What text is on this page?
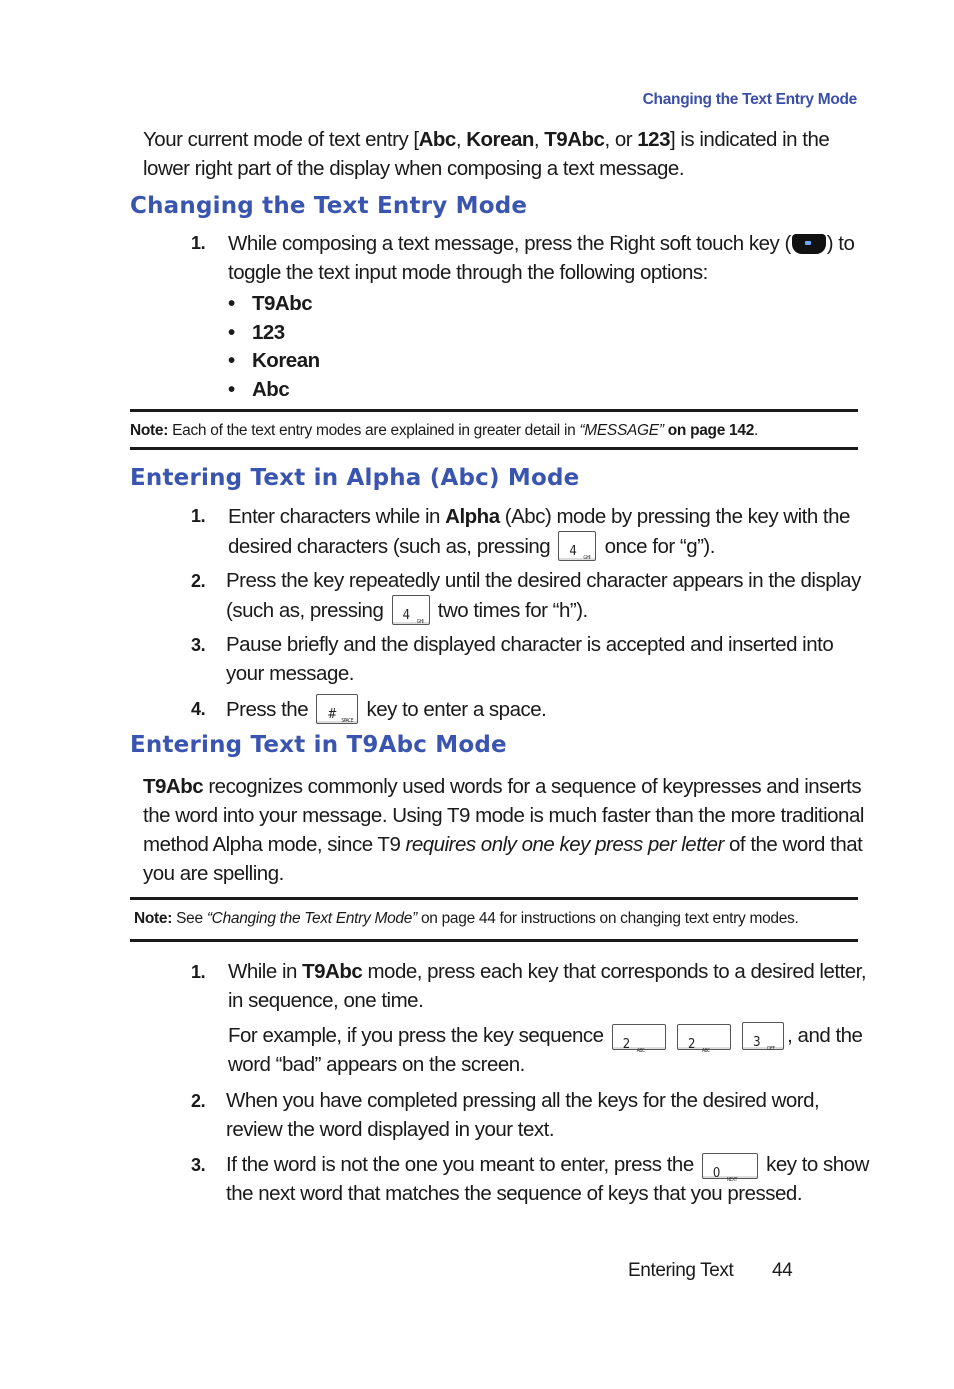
Changing the Text Entry Mode
Your current mode of text entry [Abc, Korean, T9Abc, or 123] is indicated in the
lower right part of the display when composing a text message.
Changing the Text Entry Mode
1. While composing a text message, press the Right soft touch key ( ) to
toggle the text input mode through the following options:
• T9Abc
• 123
• Korean
• Abc
Note: Each of the text entry modes are explained in greater detail in “MESSAGE” on page 142.
Entering Text in Alpha (Abc) Mode
1. Enter characters while in Alpha (Abc) mode by pressing the key with the
desired characters (such as, pressing 4 GHI once for “g”).
2. Press the key repeatedly until the desired character appears in the display
(such as, pressing 4 GHI two times for “h”).
3. Pause briefly and the displayed character is accepted and inserted into
your message.
4. Press the # SPACE key to enter a space.
Entering Text in T9Abc Mode
T9Abc recognizes commonly used words for a sequence of keypresses and inserts
the word into your message. Using T9 mode is much faster than the more traditional
method Alpha mode, since T9 requires only one key press per letter of the word that
you are spelling.
Note: See “Changing the Text Entry Mode” on page 44 for instructions on changing text entry modes.
1. While in T9Abc mode, press each key that corresponds to a desired letter,
in sequence, one time.
For example, if you press the key sequence 2 ABC
	2 ABC

3 DEF
, and the
word “bad” appears on the screen.
2. When you have completed pressing all the keys for the desired word,
review the word displayed in your text.
3. If the word is not the one you meant to enter, press the 0 NEXT
key to show
the next word that matches the sequence of keys that you pressed.
Entering Text 44
